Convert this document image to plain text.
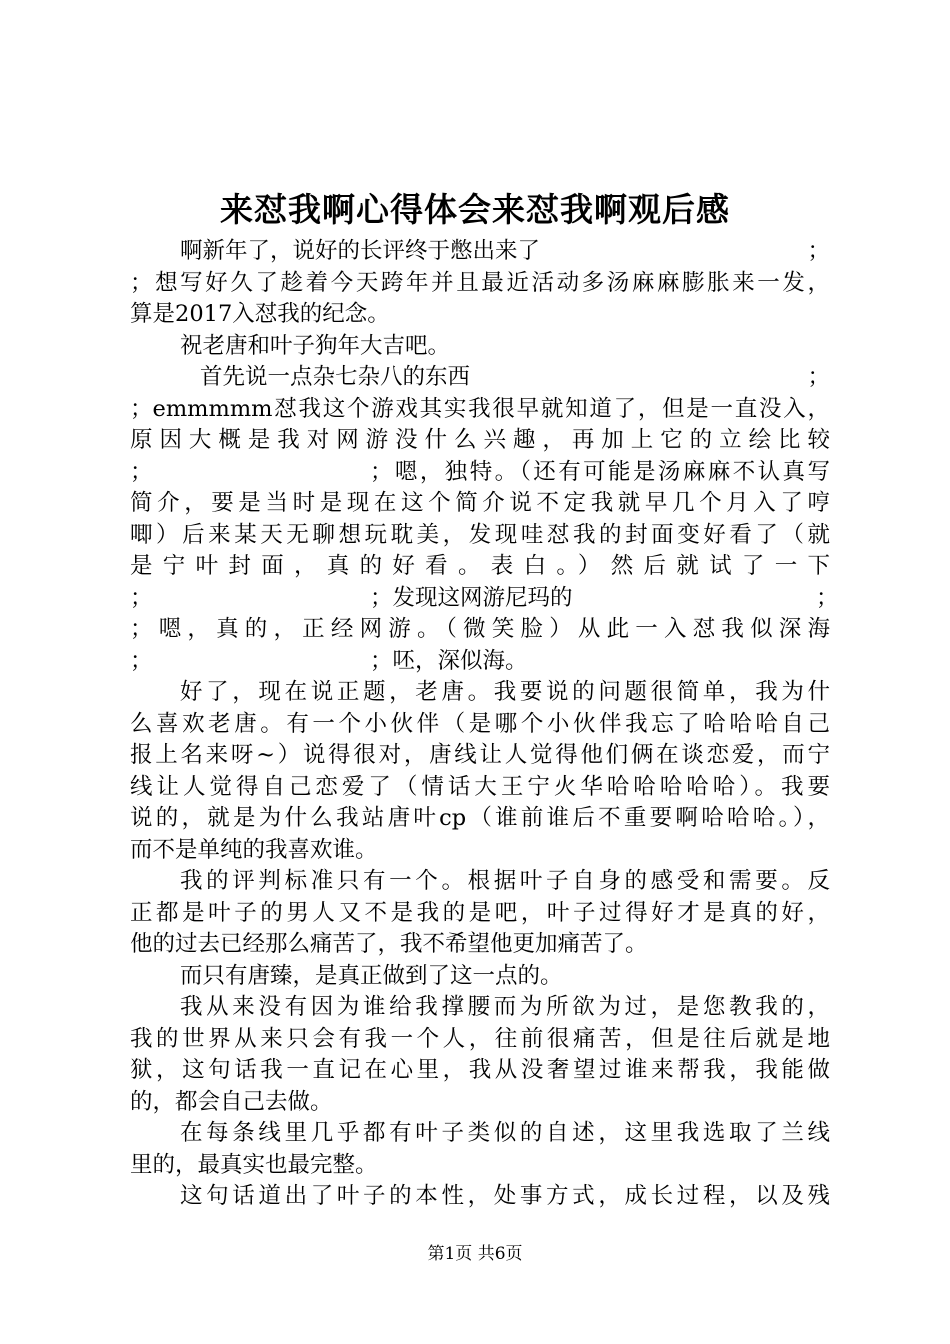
来怼我啊心得体会来怼我啊观后感
啊新年了，说好的长评终于憋出来了	；
；想写好久了趁着今天跨年并且最近活动多汤麻麻膨胀来一发，
算是2017入怼我的纪念。
祝老唐和叶子狗年大吉吧。
首先说一点杂七杂八的东西	；
；emmmmm怼我这个游戏其实我很早就知道了，但是一直没入，
原因大概是我对网游没什么兴趣，再加上它的立绘比较
；	；嗯，独特。（还有可能是汤麻麻不认真写
简介，要是当时是现在这个简介说不定我就早几个月入了哼
唧）后来某天无聊想玩耽美，发现哇怼我的封面变好看了（就
是宁叶封面，真的好看。表白。）然后就试了一下
；	；发现这网游尼玛的	；
；嗯，真的，正经网游。（微笑脸）从此一入怼我似深海
；	；呸，深似海。
好了，现在说正题，老唐。我要说的问题很简单，我为什
么喜欢老唐。有一个小伙伴（是哪个小伙伴我忘了哈哈哈自己
报上名来呀~）说得很对，唐线让人觉得他们俩在谈恋爱，而宁
线让人觉得自己恋爱了（情话大王宁火华哈哈哈哈哈）。我要
说的，就是为什么我站唐叶cp（谁前谁后不重要啊哈哈哈。），
而不是单纯的我喜欢谁。
我的评判标准只有一个。根据叶子自身的感受和需要。反
正都是叶子的男人又不是我的是吧，叶子过得好才是真的好，
他的过去已经那么痛苦了，我不希望他更加痛苦了。
而只有唐臻，是真正做到了这一点的。
我从来没有因为谁给我撑腰而为所欲为过，是您教我的，
我的世界从来只会有我一个人，往前很痛苦，但是往后就是地
狱，这句话我一直记在心里，我从没奢望过谁来帮我，我能做
的，都会自己去做。
在每条线里几乎都有叶子类似的自述，这里我选取了兰线
里的，最真实也最完整。
这句话道出了叶子的本性，处事方式，成长过程，以及残
第1页 共6页
